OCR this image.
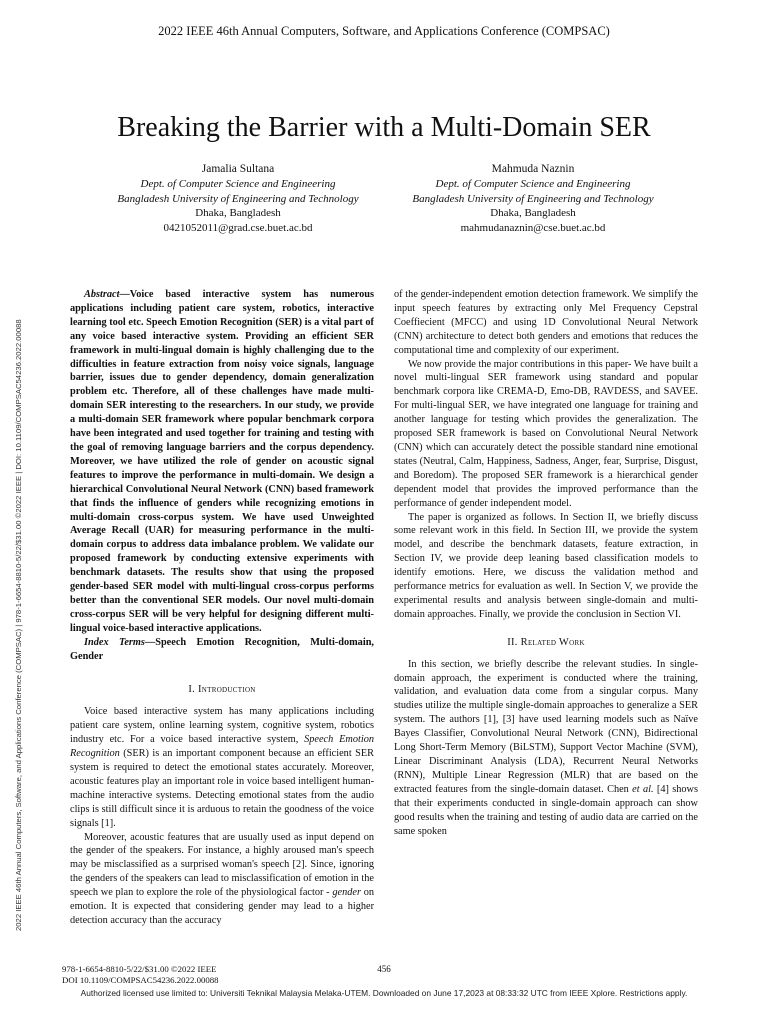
2022 IEEE 46th Annual Computers, Software, and Applications Conference (COMPSAC)
Breaking the Barrier with a Multi-Domain SER
Jamalia Sultana
Dept. of Computer Science and Engineering
Bangladesh University of Engineering and Technology
Dhaka, Bangladesh
0421052011@grad.cse.buet.ac.bd
Mahmuda Naznin
Dept. of Computer Science and Engineering
Bangladesh University of Engineering and Technology
Dhaka, Bangladesh
mahmudanaznin@cse.buet.ac.bd
2022 IEEE 46th Annual Computers, Software, and Applications Conference (COMPSAC) | 978-1-6654-8810-5/22/$31.00 ©2022 IEEE | DOI: 10.1109/COMPSAC54236.2022.00088

Abstract—Voice based interactive system has numerous applications including patient care system, robotics, interactive learning tool etc. Speech Emotion Recognition (SER) is a vital part of any voice based interactive system. Providing an efficient SER framework in multi-lingual domain is highly challenging due to the difficulties in feature extraction from noisy voice signals, language barrier, issues due to gender dependency, domain generalization problem etc. Therefore, all of these challenges have made multi-domain SER interesting to the researchers. In our study, we provide a multi-domain SER framework where popular benchmark corpora have been integrated and used together for training and testing with the goal of removing language barriers and the corpus dependency. Moreover, we have utilized the role of gender on acoustic signal features to improve the performance in multi-domain. We design a hierarchical Convolutional Neural Network (CNN) based framework that finds the influence of genders while recognizing emotions in multi-domain cross-corpus system. We have used Unweighted Average Recall (UAR) for measuring performance in the multi-domain corpus to address data imbalance problem. We validate our proposed framework by conducting extensive experiments with benchmark datasets. The results show that using the proposed gender-based SER model with multi-lingual cross-corpus performs better than the conventional SER models. Our novel multi-domain cross-corpus SER will be very helpful for designing different multi-lingual voice-based interactive applications.

Index Terms—Speech Emotion Recognition, Multi-domain, Gender

I. Introduction

Voice based interactive system has many applications including patient care system, online learning system, cognitive system, robotics industry etc. For a voice based interactive system, Speech Emotion Recognition (SER) is an important component because an efficient SER system is required to detect the emotional states accurately. Moreover, acoustic features play an important role in voice based intelligent human-machine interactive systems. Detecting emotional states from the audio clips is still difficult since it is arduous to retain the goodness of the voice signals [1].

Moreover, acoustic features that are usually used as input depend on the gender of the speakers. For instance, a highly aroused man's speech may be misclassified as a surprised woman's speech [2]. Since, ignoring the genders of the speakers can lead to misclassification of emotion in the speech we plan to explore the role of the physiological factor - gender on emotion. It is expected that considering gender may lead to a higher detection accuracy than the accuracy

of the gender-independent emotion detection framework. We simplify the input speech features by extracting only Mel Frequency Cepstral Coeffiecient (MFCC) and using 1D Convolutional Neural Network (CNN) architecture to detect both genders and emotions that reduces the computational time and complexity of our experiment.

We now provide the major contributions in this paper- We have built a novel multi-lingual SER framework using standard and popular benchmark corpora like CREMA-D, Emo-DB, RAVDESS, and SAVEE. For multi-lingual SER, we have integrated one language for training and another language for testing which provides the generalization. The proposed SER framework is based on Convolutional Neural Network (CNN) which can accurately detect the possible standard nine emotional states (Neutral, Calm, Happiness, Sadness, Anger, fear, Surprise, Disgust, and Boredom). The proposed SER framework is a hierarchical gender dependent model that provides the improved performance than the performance of gender independent model.

The paper is organized as follows. In Section II, we briefly discuss some relevant work in this field. In Section III, we provide the system model, and describe the benchmark datasets, feature extraction, in Section IV, we provide deep leaning based classification models to identify emotions. Here, we discuss the validation method and performance metrics for evaluation as well. In Section V, we provide the experimental results and analysis between single-domain and multi-domain approaches. Finally, we provide the conclusion in Section VI.

II. Related Work

In this section, we briefly describe the relevant studies. In single-domain approach, the experiment is conducted where the training, validation, and evaluation data come from a singular corpus. Many studies utilize the multiple single-domain approaches to generalize a SER system. The authors [1], [3] have used learning models such as Naïve Bayes Classifier, Convolutional Neural Network (CNN), Bidirectional Long Short-Term Memory (BiLSTM), Support Vector Machine (SVM), Linear Discriminant Analysis (LDA), Recurrent Neural Networks (RNN), Multiple Linear Regression (MLR) that are based on the extracted features from the single-domain dataset. Chen et al. [4] shows that their experiments conducted in single-domain approach can show good results when the training and testing of audio data are carried on the same spoken

978-1-6654-8810-5/22/$31.00 ©2022 IEEE
DOI 10.1109/COMPSAC54236.2022.00088
456
Authorized licensed use limited to: Universiti Teknikal Malaysia Melaka-UTEM. Downloaded on June 17,2023 at 08:33:32 UTC from IEEE Xplore. Restrictions apply.
